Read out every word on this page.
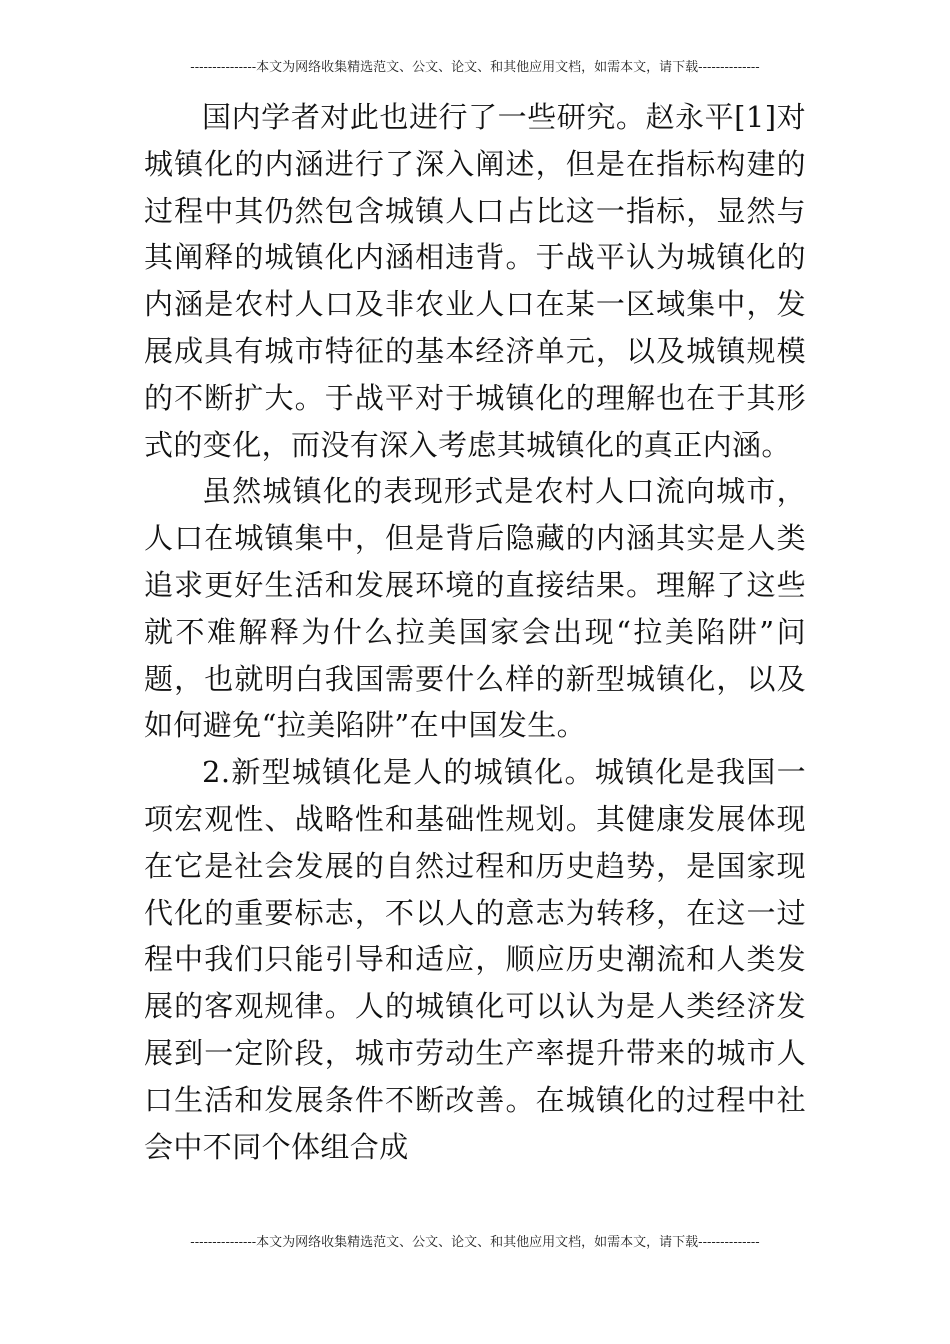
---------------本文为网络收集精选范文、公文、论文、和其他应用文档，如需本文，请下载--------------

国内学者对此也进行了一些研究。赵永平[1]对城镇化的内涵进行了深入阐述，但是在指标构建的过程中其仍然包含城镇人口占比这一指标，显然与其阐释的城镇化内涵相违背。于战平认为城镇化的内涵是农村人口及非农业人口在某一区域集中，发展成具有城市特征的基本经济单元，以及城镇规模的不断扩大。于战平对于城镇化的理解也在于其形式的变化，而没有深入考虑其城镇化的真正内涵。

虽然城镇化的表现形式是农村人口流向城市，人口在城镇集中，但是背后隐藏的内涵其实是人类追求更好生活和发展环境的直接结果。理解了这些就不难解释为什么拉美国家会出现“拉美陷阱”问题，也就明白我国需要什么样的新型城镇化，以及如何避免“拉美陷阱”在中国发生。

2.新型城镇化是人的城镇化。城镇化是我国一项宏观性、战略性和基础性规划。其健康发展体现在它是社会发展的自然过程和历史趋势，是国家现代化的重要标志，不以人的意志为转移，在这一过程中我们只能引导和适应，顺应历史潮流和人类发展的客观规律。人的城镇化可以认为是人类经济发展到一定阶段，城市劳动生产率提升带来的城市人口生活和发展条件不断改善。在城镇化的过程中社会中不同个体组合成

---------------本文为网络收集精选范文、公文、论文、和其他应用文档，如需本文，请下载--------------
